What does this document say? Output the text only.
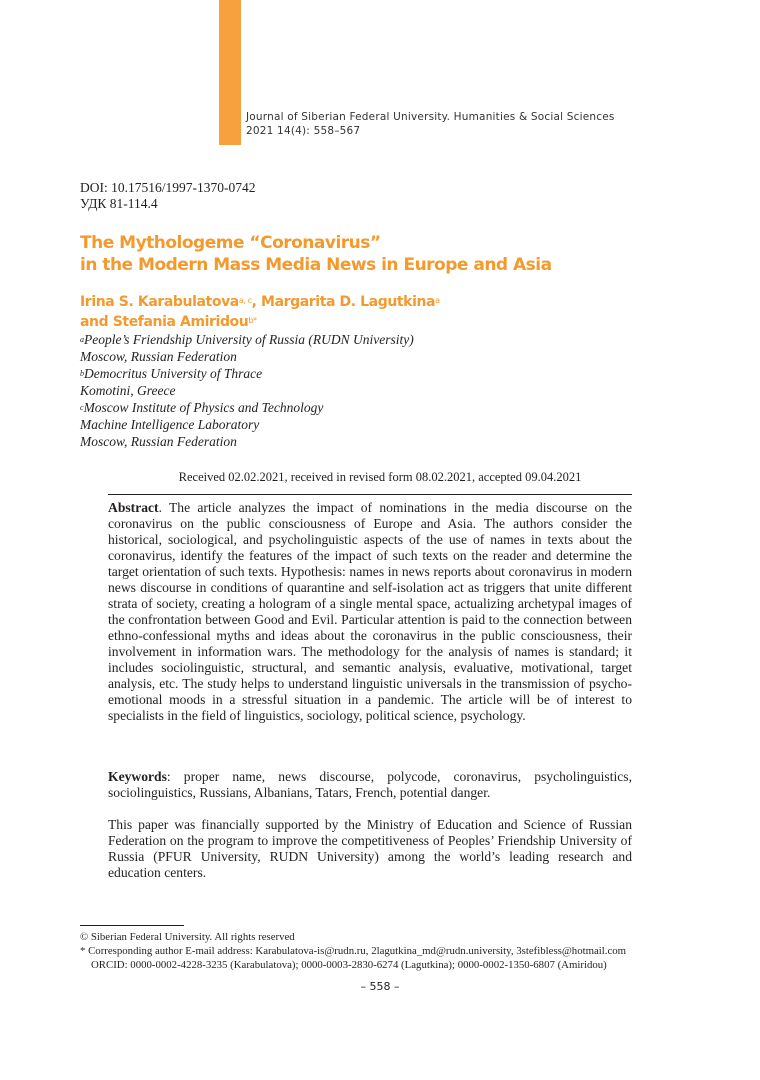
Journal of Siberian Federal University. Humanities & Social Sciences
2021 14(4): 558–567
DOI: 10.17516/1997-1370-0742
УДК 81-114.4
The Mythologeme “Coronavirus”
in the Modern Mass Media News in Europe and Asia
Irina S. Karabulatova$^{a, c}$, Margarita D. Lagutkina$^a$
and Stefania Amiridou$^{b*}$
$^a$People’s Friendship University of Russia (RUDN University)
Moscow, Russian Federation
$^b$Democritus University of Thrace
Komotini, Greece
$^c$Moscow Institute of Physics and Technology
Machine Intelligence Laboratory
Moscow, Russian Federation
Received 02.02.2021, received in revised form 08.02.2021, accepted 09.04.2021
Abstract. The article analyzes the impact of nominations in the media discourse on the coronavirus on the public consciousness of Europe and Asia. The authors consider the historical, sociological, and psycholinguistic aspects of the use of names in texts about the coronavirus, identify the features of the impact of such texts on the reader and determine the target orientation of such texts. Hypothesis: names in news reports about coronavirus in modern news discourse in conditions of quarantine and self-isolation act as triggers that unite different strata of society, creating a hologram of a single mental space, actualizing archetypal images of the confrontation between Good and Evil. Particular attention is paid to the connection between ethno-confessional myths and ideas about the coronavirus in the public consciousness, their involvement in information wars. The methodology for the analysis of names is standard; it includes sociolinguistic, structural, and semantic analysis, evaluative, motivational, target analysis, etc. The study helps to understand linguistic universals in the transmission of psycho-emotional moods in a stressful situation in a pandemic. The article will be of interest to specialists in the field of linguistics, sociology, political science, psychology.
Keywords: proper name, news discourse, polycode, coronavirus, psycholinguistics, sociolinguistics, Russians, Albanians, Tatars, French, potential danger.
This paper was financially supported by the Ministry of Education and Science of Russian Federation on the program to improve the competitiveness of Peoples’ Friendship University of Russia (PFUR University, RUDN University) among the world’s leading research and education centers.
© Siberian Federal University. All rights reserved
* Corresponding author E-mail address: Karabulatova-is@rudn.ru, 2lagutkina_md@rudn.university, 3stefibless@hotmail.com
ORCID: 0000-0002-4228-3235 (Karabulatova); 0000-0003-2830-6274 (Lagutkina); 0000-0002-1350-6807 (Amiridou)
– 558 –
